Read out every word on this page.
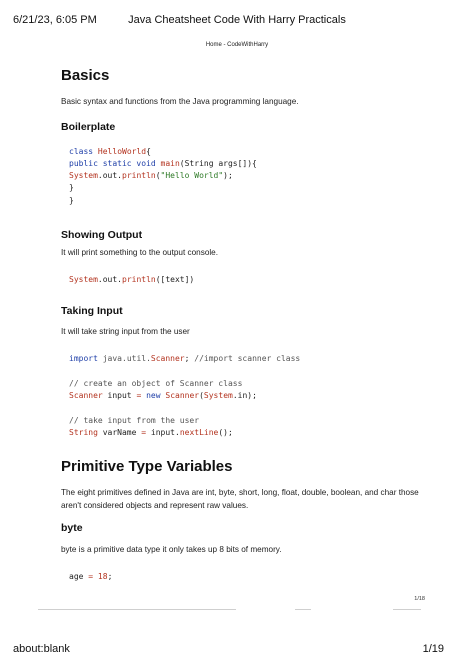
6/21/23, 6:05 PM	Java Cheatsheet Code With Harry Practicals
Home - CodeWithHarry
Basics

Basic syntax and functions from the Java programming language.

Boilerplate
class HelloWorld{
public static void main(String args[]){
System.out.println("Hello World");
}
}
Showing Output

It will print something to the output console.

System.out.println([text])
Taking Input

It will take string input from the user

import java.util.Scanner; //import scanner class

// create an object of Scanner class
Scanner input = new Scanner(System.in);

// take input from the user
String varName = input.nextLine();
Primitive Type Variables

The eight primitives defined in Java are int, byte, short, long, float, double, boolean, and char those aren't considered objects and represent raw values.

byte

byte is a primitive data type it only takes up 8 bits of memory.

age = 18;
1/18
about:blank	1/19
